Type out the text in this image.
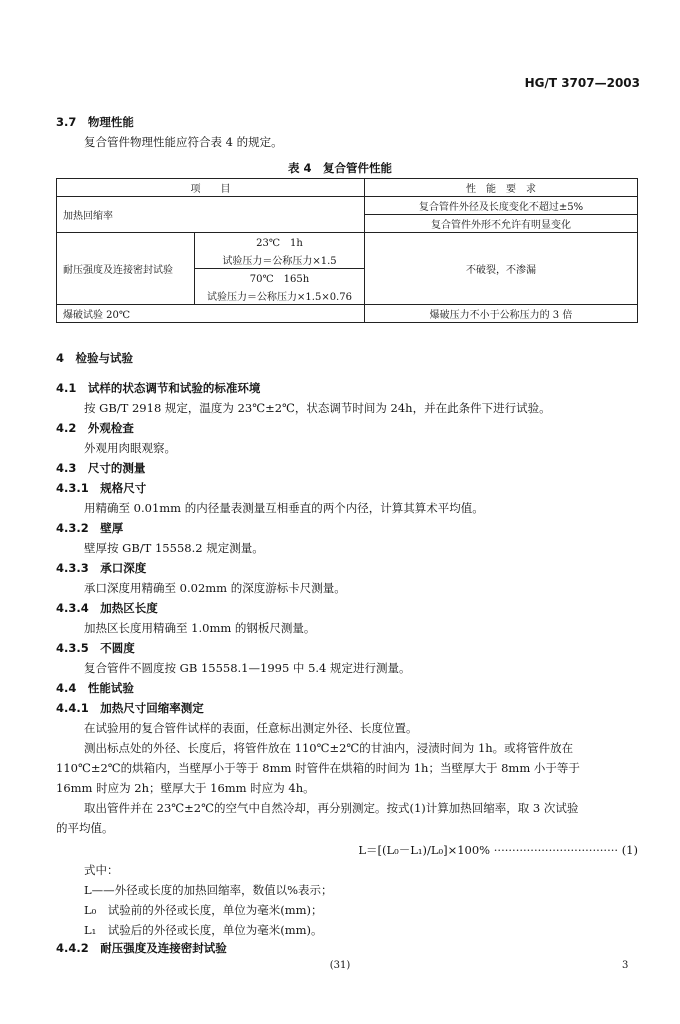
HG/T 3707—2003
3.7　物理性能
复合管件物理性能应符合表 4 的规定。
表 4　复合管件性能
项　　目		性　能　要　求
加热回缩率		复合管件外径及长度变化不超过±5%
		复合管件外形不允许有明显变化
耐压强度及连接密封试验	23℃　1h	不破裂，不渗漏
	试验压力＝公称压力×1.5	
	70℃　165h	
	试验压力＝公称压力×1.5×0.76	
爆破试验 20℃		爆破压力不小于公称压力的 3 倍
4　检验与试验
4.1　试样的状态调节和试验的标准环境
按 GB/T 2918 规定，温度为 23℃±2℃，状态调节时间为 24h，并在此条件下进行试验。
4.2　外观检查
外观用肉眼观察。
4.3　尺寸的测量
4.3.1　规格尺寸
用精确至 0.01mm 的内径量表测量互相垂直的两个内径，计算其算术平均值。
4.3.2　壁厚
壁厚按 GB/T 15558.2 规定测量。
4.3.3　承口深度
承口深度用精确至 0.02mm 的深度游标卡尺测量。
4.3.4　加热区长度
加热区长度用精确至 1.0mm 的钢板尺测量。
4.3.5　不圆度
复合管件不圆度按 GB 15558.1—1995 中 5.4 规定进行测量。
4.4　性能试验
4.4.1　加热尺寸回缩率测定
在试验用的复合管件试样的表面，任意标出测定外径、长度位置。
测出标点处的外径、长度后，将管件放在 110℃±2℃的甘油内，浸渍时间为 1h。或将管件放在
110℃±2℃的烘箱内，当壁厚小于等于 8mm 时管件在烘箱的时间为 1h；当壁厚大于 8mm 小于等于
16mm 时应为 2h；壁厚大于 16mm 时应为 4h。
取出管件并在 23℃±2℃的空气中自然冷却，再分别测定。按式(1)计算加热回缩率，取 3 次试验
的平均值。
L＝[(L₀－L₁)/L₀]×100% ·································· (1)
式中：
L——外径或长度的加热回缩率，数值以%表示；
L₀　试验前的外径或长度，单位为毫米(mm)；
L₁　试验后的外径或长度，单位为毫米(mm)。
4.4.2　耐压强度及连接密封试验
(31)	3
